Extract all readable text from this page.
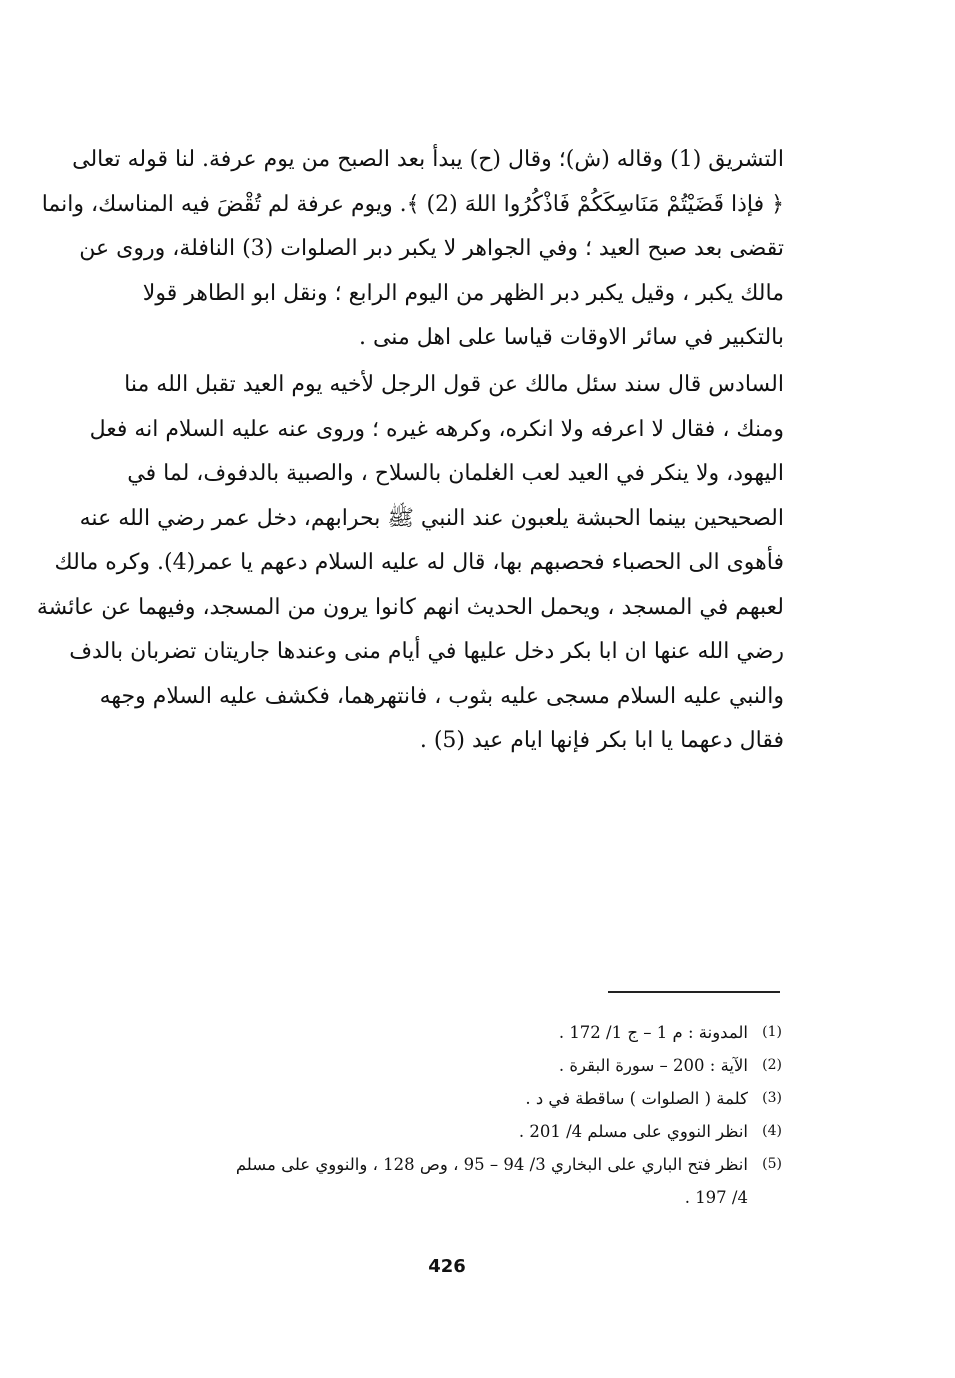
التشريق (1) وقاله (ش)؛ وقال (ح) يبدأ بعد الصبح من يوم عرفة. لنا قوله تعالى
﴿ فإذا قَضَيْتُمْ مَنَاسِكَكُمْ فَاذْكُرُوا اللهَ (2) ﴾. ويوم عرفة لم تُقْضَ فيه المناسك، وانما
تقضى بعد صبح العيد ؛ وفي الجواهر لا يكبر دبر الصلوات (3) النافلة، وروى عن
مالك يكبر ، وقيل يكبر دبر الظهر من اليوم الرابع ؛ ونقل ابو الطاهر قولا
بالتكبير في سائر الاوقات قياسا على اهل منى .
السادس قال سند سئل مالك عن قول الرجل لأخيه يوم العيد تقبل الله منا
ومنك ، فقال لا اعرفه ولا انكره، وكرهه غيره ؛ وروى عنه عليه السلام انه فعل
اليهود، ولا ينكر في العيد لعب الغلمان بالسلاح ، والصبية بالدفوف، لما في
الصحيحين بينما الحبشة يلعبون عند النبي ﷺ بحرابهم، دخل عمر رضي الله عنه
فأهوى الى الحصباء فحصبهم بها، قال له عليه السلام دعهم يا عمر(4). وكره مالك
لعبهم في المسجد ، ويحمل الحديث انهم كانوا يرون من المسجد، وفيهما عن عائشة
رضي الله عنها ان ابا بكر دخل عليها في أيام منى وعندها جاريتان تضربان بالدف
والنبي عليه السلام مسجى عليه بثوب ، فانتهرهما، فكشف عليه السلام وجهه
فقال دعهما يا ابا بكر فإنها ايام عيد (5) .
(1)
المدونة : م 1 – ج 1/ 172 .
(2)
الآية : 200 – سورة البقرة .
(3)
كلمة ( الصلوات ) ساقطة في د .
(4)
انظر النووي على مسلم 4/ 201 .
(5)
انظر فتح الباري على البخاري 3/ 94 – 95 ، وص 128 ، والنووي على مسلم
4/ 197 .
426
